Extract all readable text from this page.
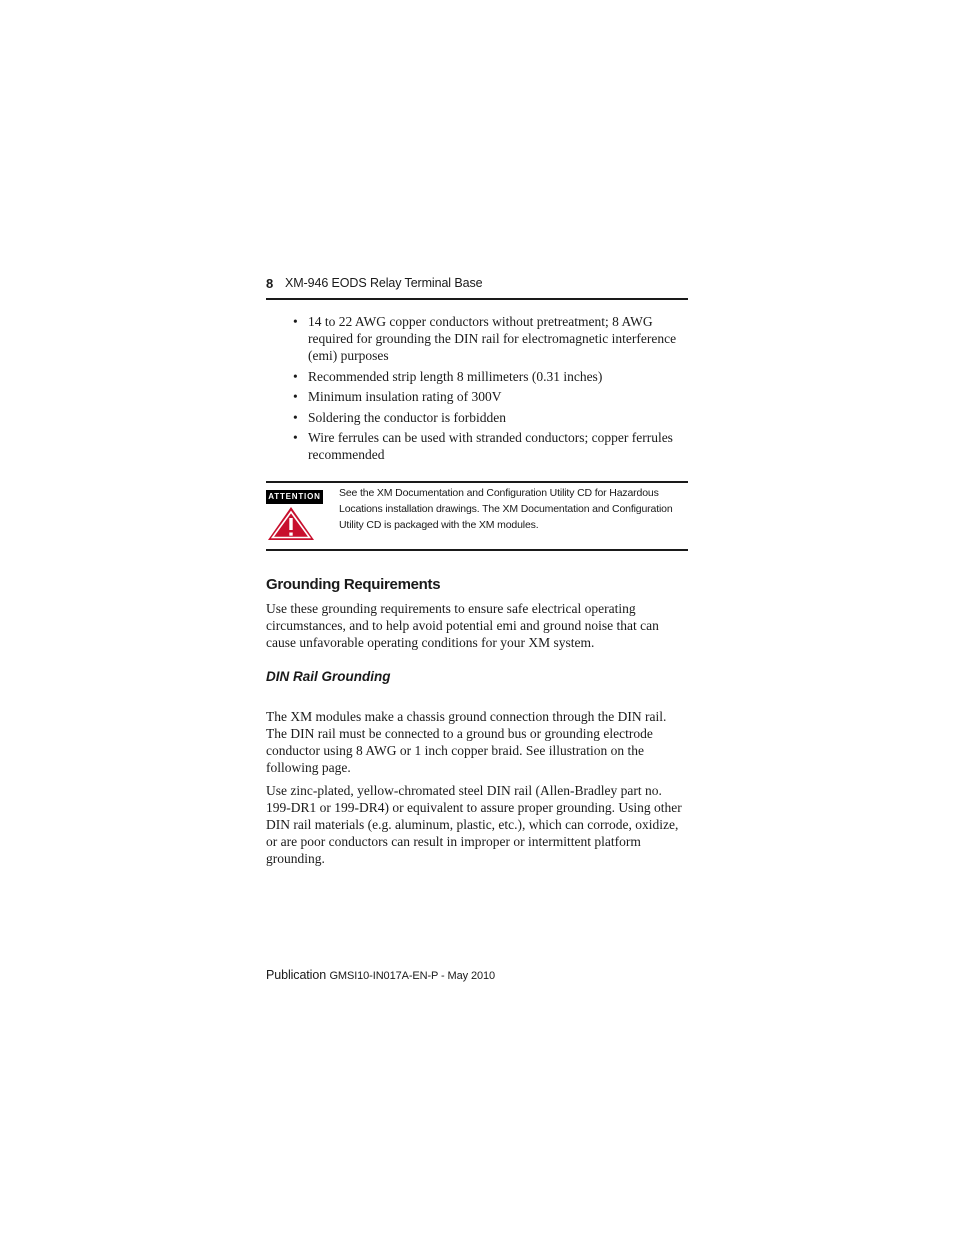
8 XM-946 EODS Relay Terminal Base
• 14 to 22 AWG copper conductors without pretreatment; 8 AWG required for grounding the DIN rail for electromagnetic interference (emi) purposes
• Recommended strip length 8 millimeters (0.31 inches)
• Minimum insulation rating of 300V
• Soldering the conductor is forbidden
• Wire ferrules can be used with stranded conductors; copper ferrules recommended
ATTENTION See the XM Documentation and Configuration Utility CD for Hazardous Locations installation drawings. The XM Documentation and Configuration Utility CD is packaged with the XM modules.
Grounding Requirements

Use these grounding requirements to ensure safe electrical operating circumstances, and to help avoid potential emi and ground noise that can cause unfavorable operating conditions for your XM system.

DIN Rail Grounding

The XM modules make a chassis ground connection through the DIN rail. The DIN rail must be connected to a ground bus or grounding electrode conductor using 8 AWG or 1 inch copper braid. See illustration on the following page.

Use zinc-plated, yellow-chromated steel DIN rail (Allen-Bradley part no. 199-DR1 or 199-DR4) or equivalent to assure proper grounding. Using other DIN rail materials (e.g. aluminum, plastic, etc.), which can corrode, oxidize, or are poor conductors can result in improper or intermittent platform grounding.

Publication GMSI10-IN017A-EN-P - May 2010
